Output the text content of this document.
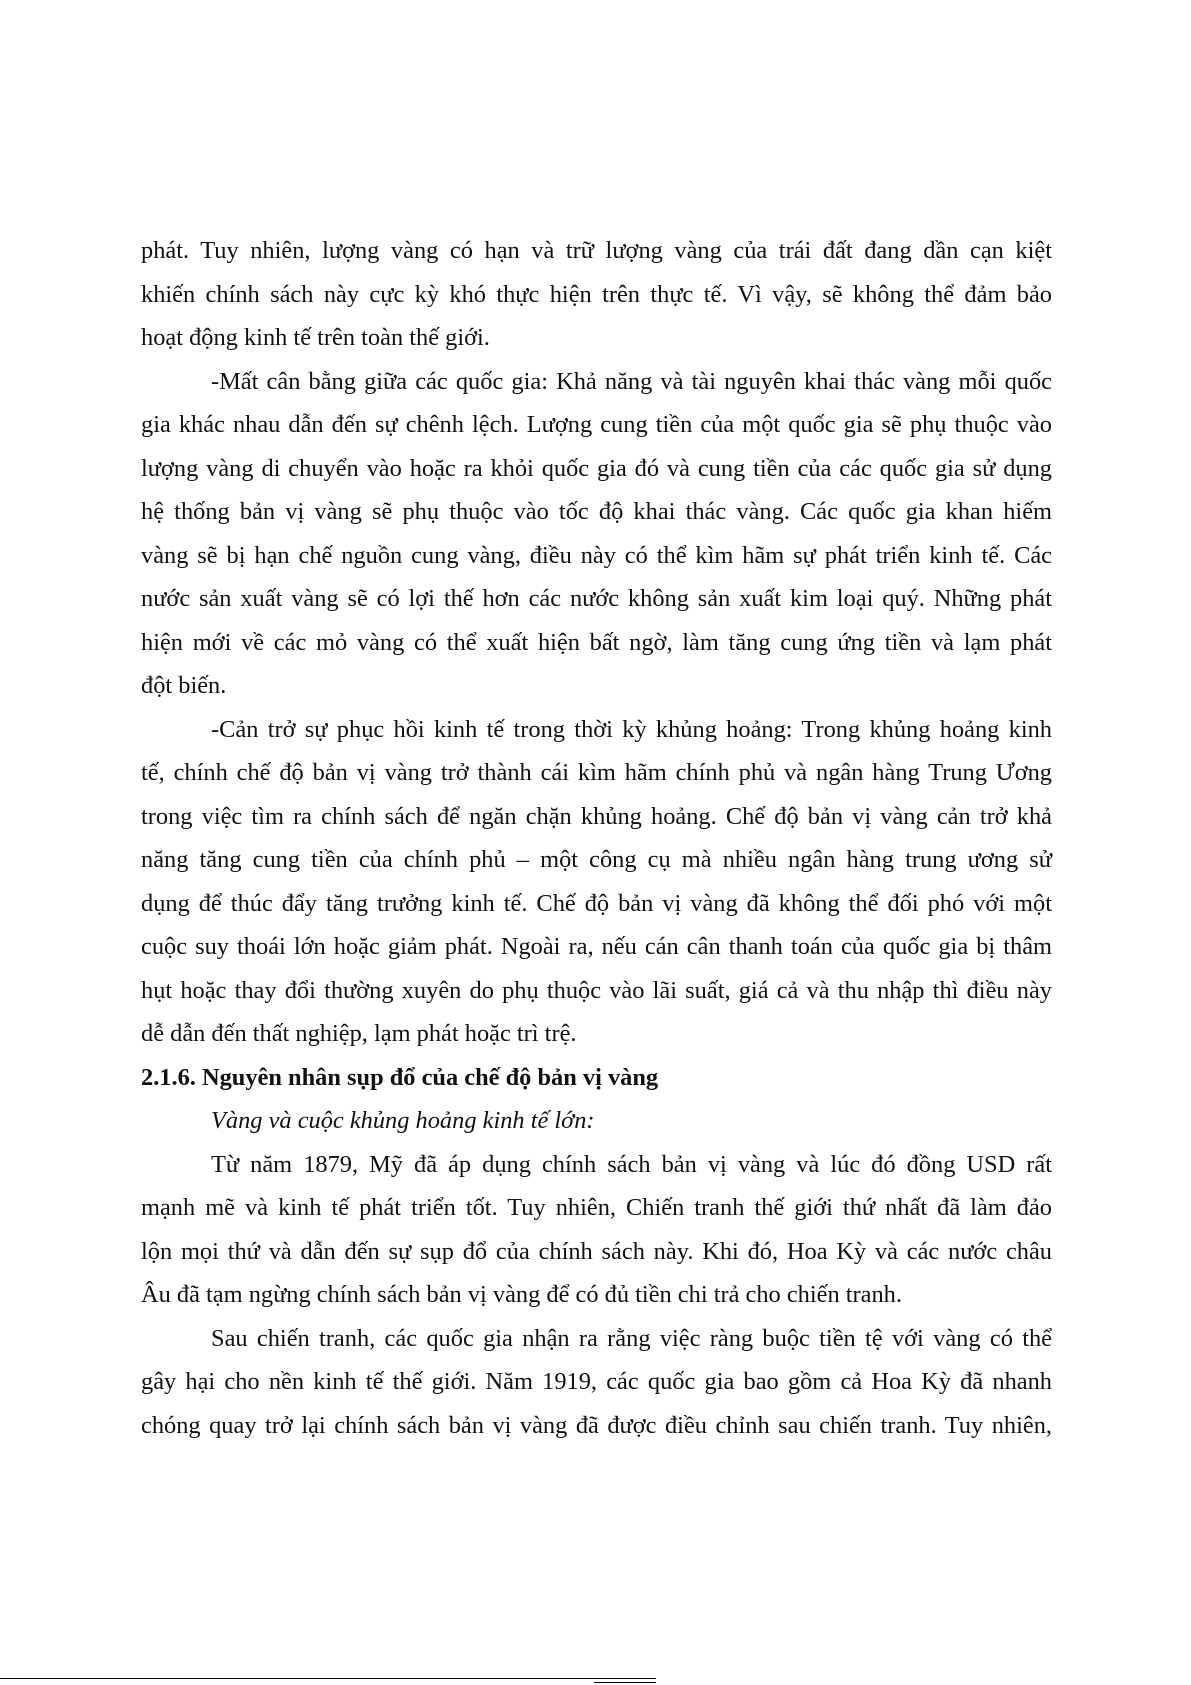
phát. Tuy nhiên, lượng vàng có hạn và trữ lượng vàng của trái đất đang dần cạn kiệt
khiến chính sách này cực kỳ khó thực hiện trên thực tế. Vì vậy, sẽ không thể đảm bảo
hoạt động kinh tế trên toàn thế giới.
-Mất cân bằng giữa các quốc gia: Khả năng và tài nguyên khai thác vàng mỗi quốc
gia khác nhau dẫn đến sự chênh lệch. Lượng cung tiền của một quốc gia sẽ phụ thuộc vào
lượng vàng di chuyển vào hoặc ra khỏi quốc gia đó và cung tiền của các quốc gia sử dụng
hệ thống bản vị vàng sẽ phụ thuộc vào tốc độ khai thác vàng. Các quốc gia khan hiếm
vàng sẽ bị hạn chế nguồn cung vàng, điều này có thể kìm hãm sự phát triển kinh tế. Các
nước sản xuất vàng sẽ có lợi thế hơn các nước không sản xuất kim loại quý. Những phát
hiện mới về các mỏ vàng có thể xuất hiện bất ngờ, làm tăng cung ứng tiền và lạm phát
đột biến.
-Cản trở sự phục hồi kinh tế trong thời kỳ khủng hoảng: Trong khủng hoảng kinh
tế, chính chế độ bản vị vàng trở thành cái kìm hãm chính phủ và ngân hàng Trung Ương
trong việc tìm ra chính sách để ngăn chặn khủng hoảng. Chế độ bản vị vàng cản trở khả
năng tăng cung tiền của chính phủ – một công cụ mà nhiều ngân hàng trung ương sử
dụng để thúc đẩy tăng trưởng kinh tế. Chế độ bản vị vàng đã không thể đối phó với một
cuộc suy thoái lớn hoặc giảm phát. Ngoài ra, nếu cán cân thanh toán của quốc gia bị thâm
hụt hoặc thay đổi thường xuyên do phụ thuộc vào lãi suất, giá cả và thu nhập thì điều này
dễ dẫn đến thất nghiệp, lạm phát hoặc trì trệ.
2.1.6. Nguyên nhân sụp đổ của chế độ bản vị vàng
Vàng và cuộc khủng hoảng kinh tế lớn:
Từ năm 1879, Mỹ đã áp dụng chính sách bản vị vàng và lúc đó đồng USD rất
mạnh mẽ và kinh tế phát triển tốt. Tuy nhiên, Chiến tranh thế giới thứ nhất đã làm đảo
lộn mọi thứ và dẫn đến sự sụp đổ của chính sách này. Khi đó, Hoa Kỳ và các nước châu
Âu đã tạm ngừng chính sách bản vị vàng để có đủ tiền chi trả cho chiến tranh.
Sau chiến tranh, các quốc gia nhận ra rằng việc ràng buộc tiền tệ với vàng có thể
gây hại cho nền kinh tế thế giới. Năm 1919, các quốc gia bao gồm cả Hoa Kỳ đã nhanh
chóng quay trở lại chính sách bản vị vàng đã được điều chỉnh sau chiến tranh. Tuy nhiên,
